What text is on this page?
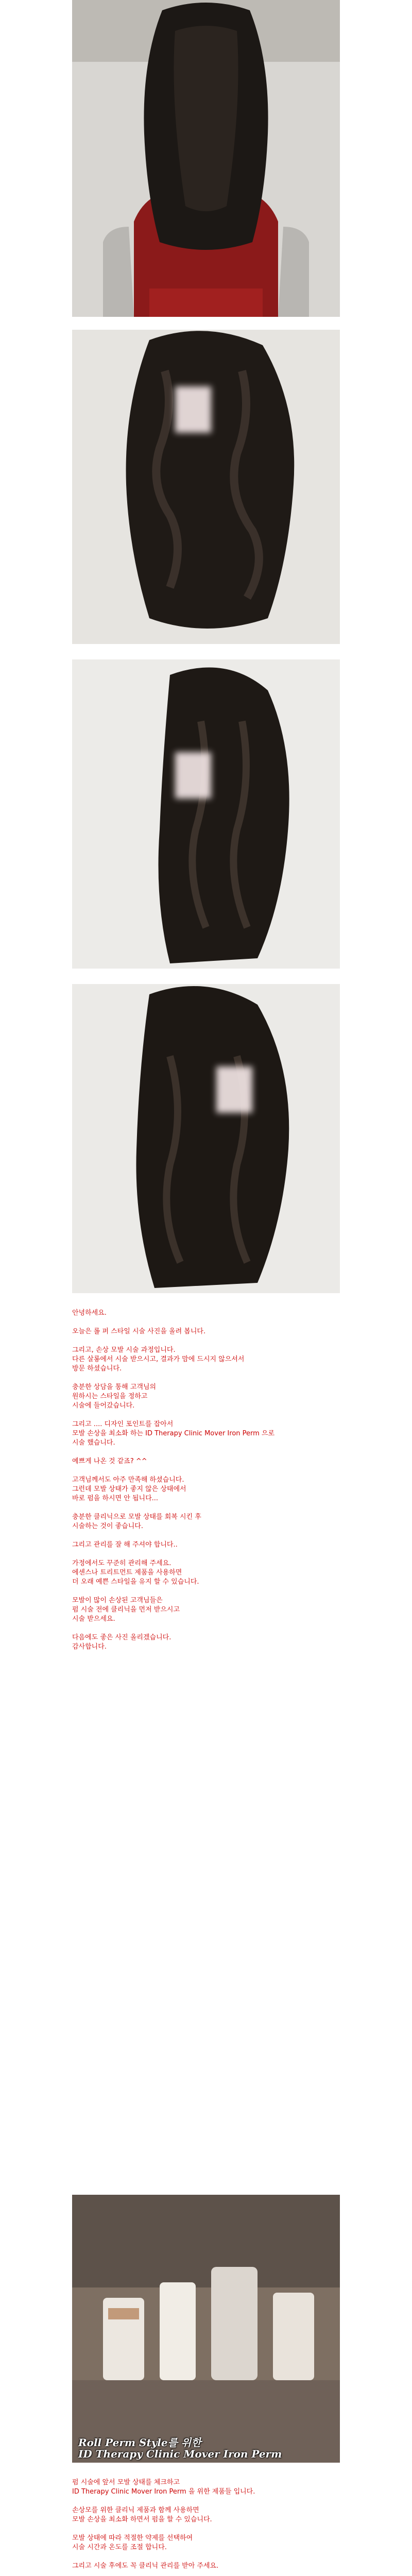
안녕하세요.
오늘은 롤 퍼 스타일 시술 사진을 올려 봅니다.
그리고, 손상 모발 시술 과정입니다.
다른 살롱에서 시술 받으시고, 결과가 맘에 드시지 않으셔서
방문 하셨습니다.
충분한 상담을 통해 고객님의
원하시는 스타일을 정하고
시술에 들어갔습니다.
그리고 .... 디자인 포인트를 잡아서
모발 손상을 최소화 하는 ID Therapy Clinic Mover Iron Perm 으로
시술 했습니다.
예쁘게 나온 것 같죠? ^^
고객님께서도 아주 만족해 하셨습니다.
그런데 모발 상태가 좋지 않은 상태에서
바로 펌을 하시면 안 됩니다...
충분한 클리닉으로 모발 상태를 회복 시킨 후
시술하는 것이 좋습니다.
그리고 관리를 잘 해 주셔야 합니다..
가정에서도 꾸준히 관리해 주세요.
에센스나 트리트먼트 제품을 사용하면
더 오래 예쁜 스타일을 유지 할 수 있습니다.
모발이 많이 손상된 고객님들은
펌 시술 전에 클리닉을 먼저 받으시고
시술 받으세요.
다음에도 좋은 사진 올리겠습니다.
감사합니다.
Roll Perm Style를 위한
ID Therapy Clinic Mover Iron Perm
펌 시술에 앞서 모발 상태를 체크하고
ID Therapy Clinic Mover Iron Perm 을 위한 제품들 입니다.
손상모를 위한 클리닉 제품과 함께 사용하면
모발 손상을 최소화 하면서 펌을 할 수 있습니다.
모발 상태에 따라 적절한 약제를 선택하여
시술 시간과 온도를 조절 합니다.
그리고 시술 후에도 꼭 클리닉 관리를 받아 주세요.
